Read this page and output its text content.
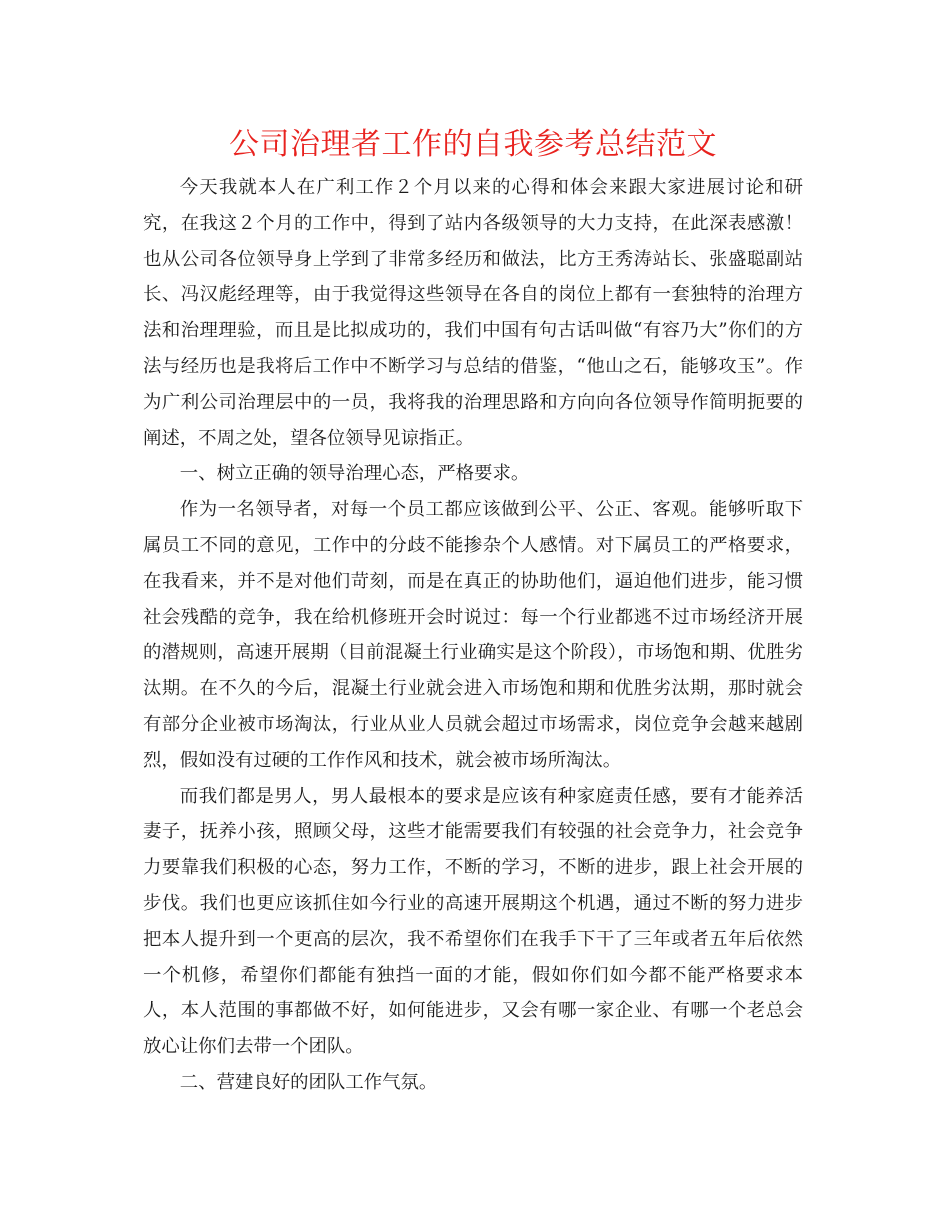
公司治理者工作的自我参考总结范文

今天我就本人在广利工作２个月以来的心得和体会来跟大家进展讨论和研究，在我这２个月的工作中，得到了站内各级领导的大力支持，在此深表感激！也从公司各位领导身上学到了非常多经历和做法，比方王秀涛站长、张盛聪副站长、冯汉彪经理等，由于我觉得这些领导在各自的岗位上都有一套独特的治理方法和治理理验，而且是比拟成功的，我们中国有句古话叫做“有容乃大”你们的方法与经历也是我将后工作中不断学习与总结的借鉴，“他山之石，能够攻玉”。作为广利公司治理层中的一员，我将我的治理思路和方向向各位领导作简明扼要的阐述，不周之处，望各位领导见谅指正。

一、树立正确的领导治理心态，严格要求。

作为一名领导者，对每一个员工都应该做到公平、公正、客观。能够听取下属员工不同的意见，工作中的分歧不能掺杂个人感情。对下属员工的严格要求，在我看来，并不是对他们苛刻，而是在真正的协助他们，逼迫他们进步，能习惯社会残酷的竞争，我在给机修班开会时说过：每一个行业都逃不过市场经济开展的潜规则，高速开展期（目前混凝土行业确实是这个阶段），市场饱和期、优胜劣汰期。在不久的今后，混凝土行业就会进入市场饱和期和优胜劣汰期，那时就会有部分企业被市场淘汰，行业从业人员就会超过市场需求，岗位竞争会越来越剧烈，假如没有过硬的工作作风和技术，就会被市场所淘汰。

而我们都是男人，男人最根本的要求是应该有种家庭责任感，要有才能养活妻子，抚养小孩，照顾父母，这些才能需要我们有较强的社会竞争力，社会竞争力要靠我们积极的心态，努力工作，不断的学习，不断的进步，跟上社会开展的步伐。我们也更应该抓住如今行业的高速开展期这个机遇，通过不断的努力进步把本人提升到一个更高的层次，我不希望你们在我手下干了三年或者五年后依然一个机修，希望你们都能有独挡一面的才能，假如你们如今都不能严格要求本人，本人范围的事都做不好，如何能进步，又会有哪一家企业、有哪一个老总会放心让你们去带一个团队。

二、营建良好的团队工作气氛。
